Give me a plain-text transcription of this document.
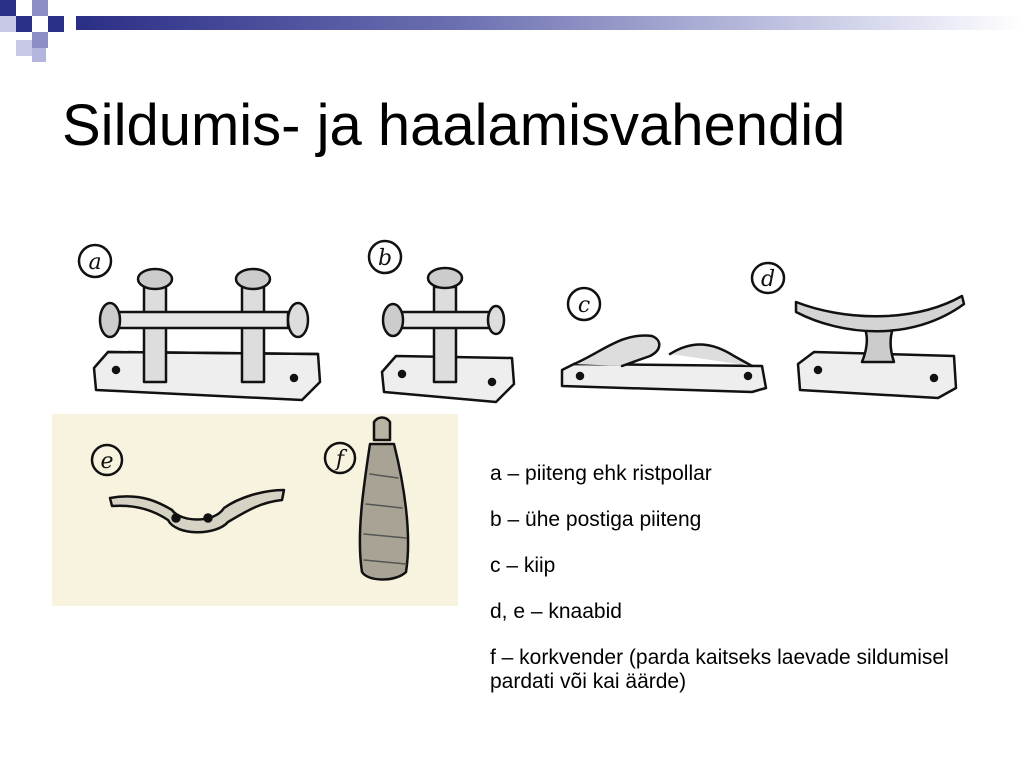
Sildumis- ja haalamisvahendid
a	b
c
d
e	f

a – piiteng ehk ristpollar

b – ühe postiga piiteng

c – kiip

d, e – knaabid

f – korkvender (parda kaitseks laevade sildumisel pardati või kai äärde)
